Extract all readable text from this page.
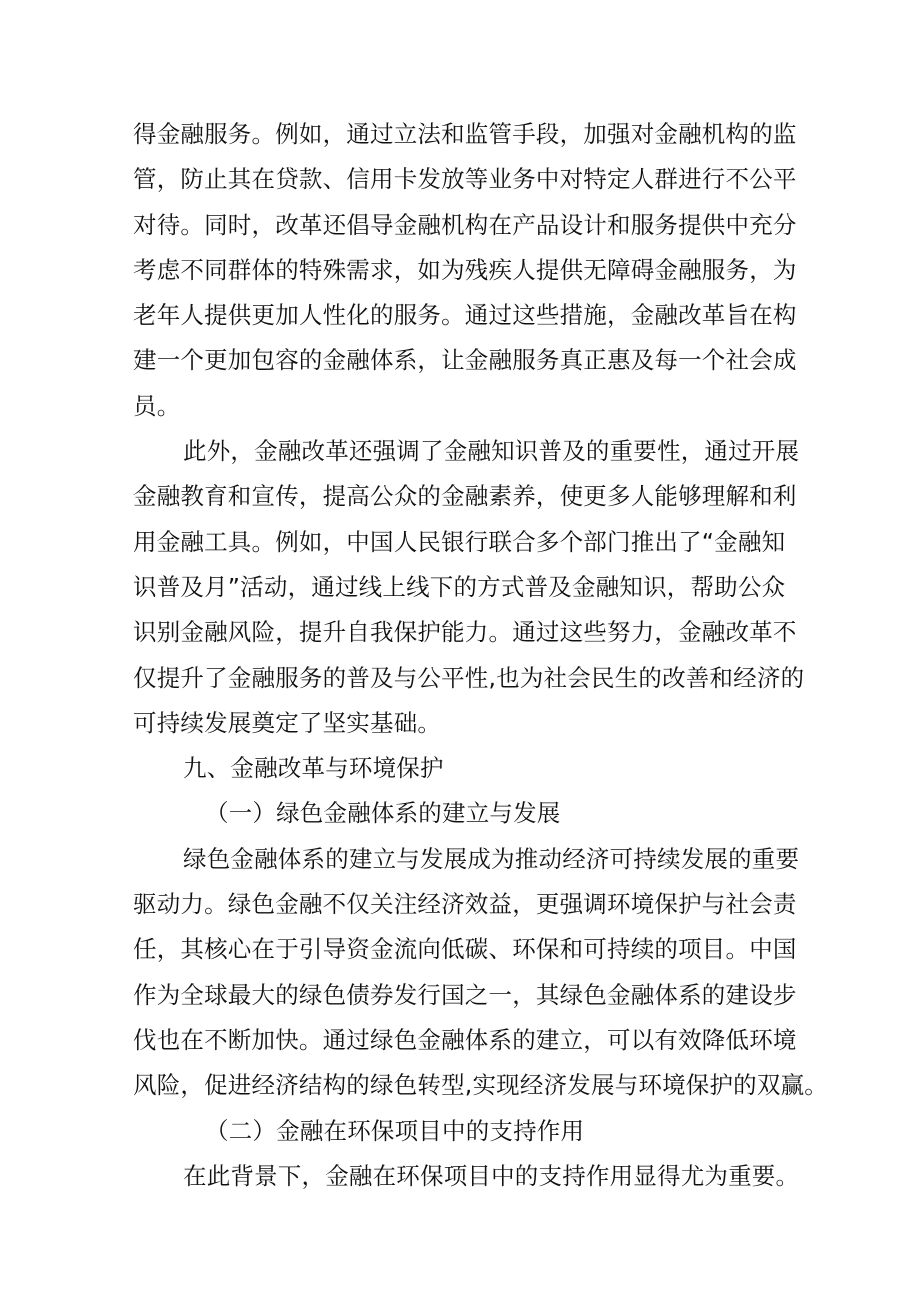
得金融服务。例如，通过立法和监管手段，加强对金融机构的监
管，防止其在贷款、信用卡发放等业务中对特定人群进行不公平
对待。同时，改革还倡导金融机构在产品设计和服务提供中充分
考虑不同群体的特殊需求，如为残疾人提供无障碍金融服务，为
老年人提供更加人性化的服务。通过这些措施，金融改革旨在构
建一个更加包容的金融体系，让金融服务真正惠及每一个社会成
员。
此外，金融改革还强调了金融知识普及的重要性，通过开展
金融教育和宣传，提高公众的金融素养，使更多人能够理解和利
用金融工具。例如，中国人民银行联合多个部门推出了“金融知
识普及月”活动，通过线上线下的方式普及金融知识，帮助公众
识别金融风险，提升自我保护能力。通过这些努力，金融改革不
仅提升了金融服务的普及与公平性,也为社会民生的改善和经济的
可持续发展奠定了坚实基础。
九、金融改革与环境保护
（一）绿色金融体系的建立与发展
绿色金融体系的建立与发展成为推动经济可持续发展的重要
驱动力。绿色金融不仅关注经济效益，更强调环境保护与社会责
任，其核心在于引导资金流向低碳、环保和可持续的项目。中国
作为全球最大的绿色债券发行国之一，其绿色金融体系的建设步
伐也在不断加快。通过绿色金融体系的建立，可以有效降低环境
风险，促进经济结构的绿色转型,实现经济发展与环境保护的双赢。
（二）金融在环保项目中的支持作用
在此背景下，金融在环保项目中的支持作用显得尤为重要。
